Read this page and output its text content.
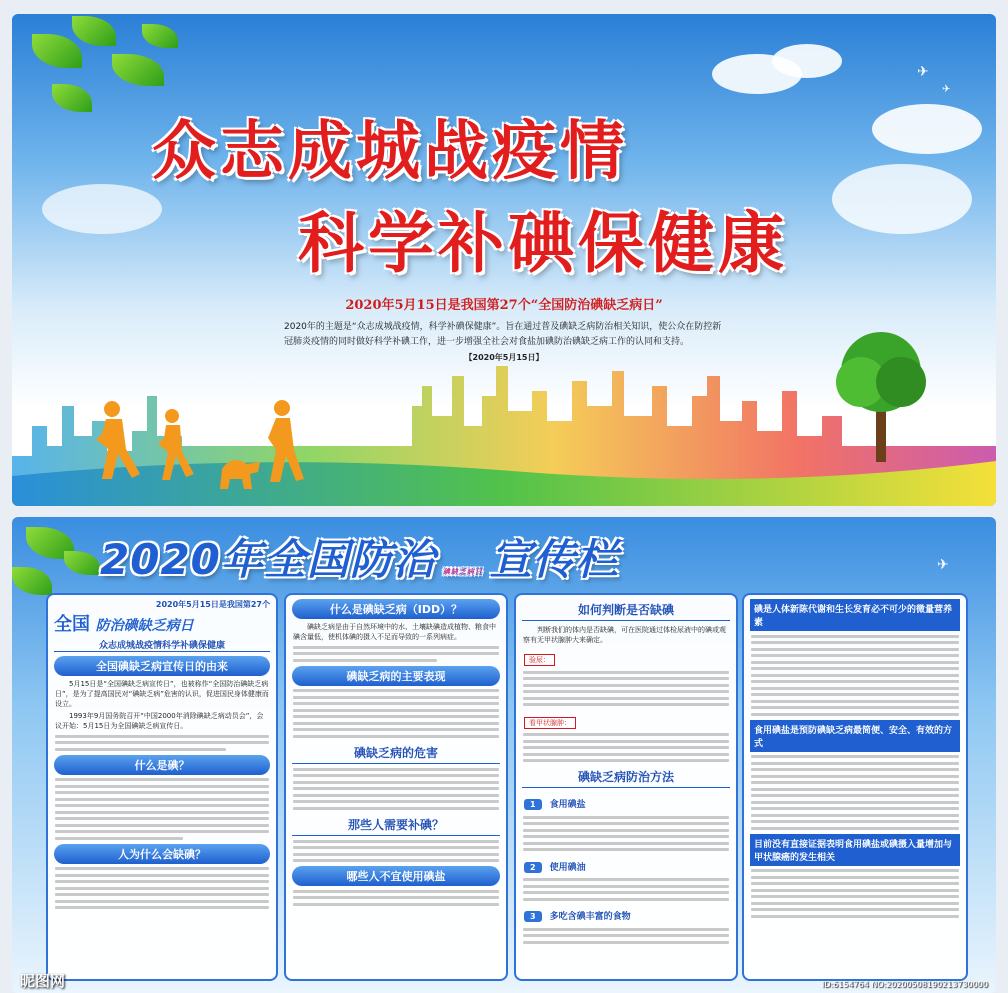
✈
✈
众志成城战疫情
科学补碘保健康
2020年5月15日是我国第27个“全国防治碘缺乏病日”
2020年的主题是“众志成城战疫情，科学补碘保健康”。旨在通过普及碘缺乏病防治相关知识，使公众在防控新冠肺炎疫情的同时做好科学补碘工作，进一步增强全社会对食盐加碘防治碘缺乏病工作的认同和支持。
【2020年5月15日】
✈
2020年全国防治 碘缺乏病日 宣传栏
2020年5月15日是我国第27个
全国 防治碘缺乏病日
众志成城战疫情科学补碘保健康
全国碘缺乏病宣传日的由来

5月15日是“全国碘缺乏病宣传日”，也被称作“全国防治碘缺乏病日”，是为了提高国民对“碘缺乏病”危害的认识，促进国民身体健康而设立。

1993年9月国务院召开“中国2000年消除碘缺乏病动员会”，会议开始：5月15日为全国碘缺乏病宣传日。

什么是碘？
人为什么会缺碘？
什么是碘缺乏病（IDD）？

碘缺乏病是由于自然环境中的水、土壤缺碘造成植物、粮食中碘含量低，使机体碘的摄入不足而导致的一系列病症。

碘缺乏病的主要表现
碘缺乏病的危害
那些人需要补碘？
哪些人不宜使用碘盐
如何判断是否缺碘

判断我们的体内是否缺碘，可在医院通过体检尿液中的碘或观察有无甲状腺肿大来确定。

验尿：
看甲状腺肿：
碘缺乏病防治方法
1 食用碘盐
2 使用碘油
3 多吃含碘丰富的食物
碘是人体新陈代谢和生长发育必不可少的微量营养素
食用碘盐是预防碘缺乏病最简便、安全、有效的方式
目前没有直接证据表明食用碘盐或碘摄入量增加与甲状腺癌的发生相关
昵图网	ID:6154764 NO:20200508190213730000
